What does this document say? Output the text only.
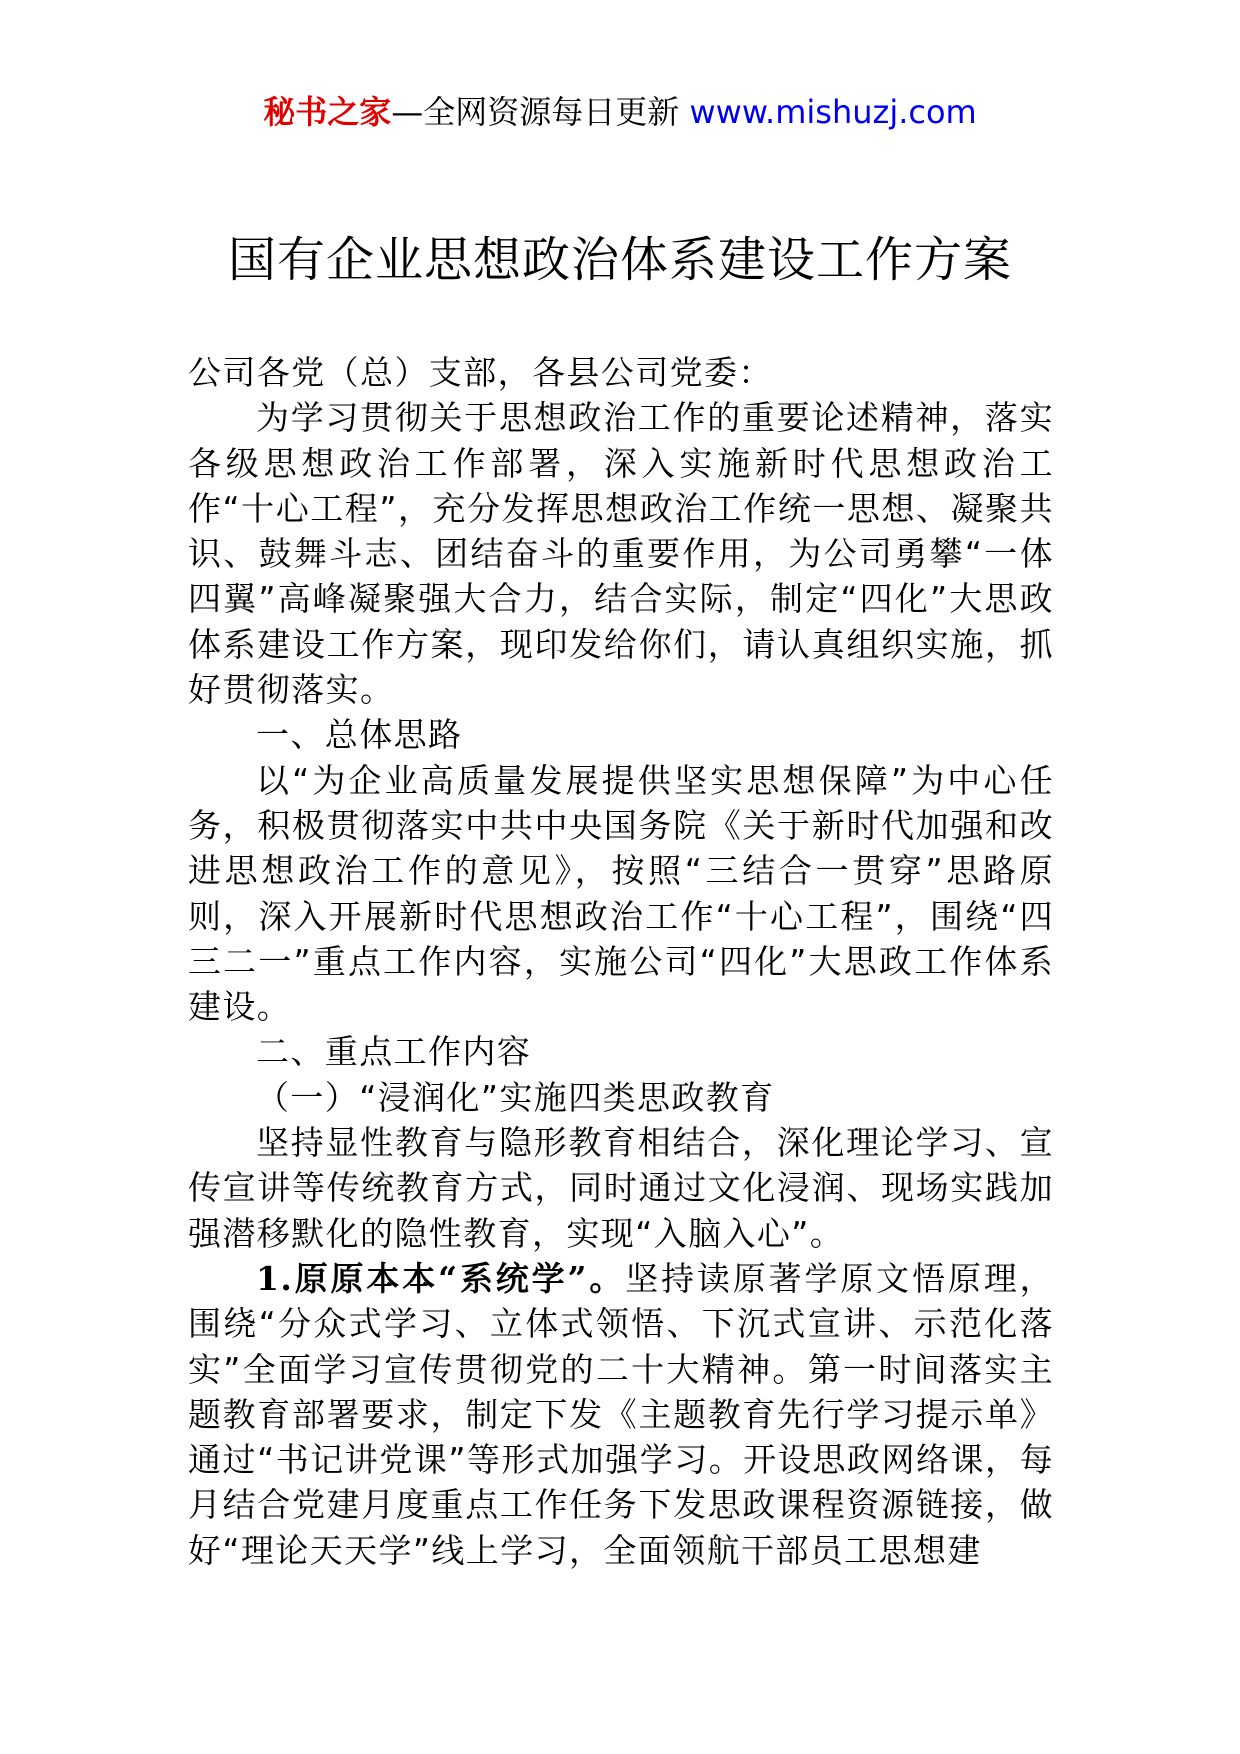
秘书之家—全网资源每日更新 www.mishuzj.com
国有企业思想政治体系建设工作方案

公司各党（总）支部，各县公司党委：

为学习贯彻关于思想政治工作的重要论述精神，落实各级思想政治工作部署，深入实施新时代思想政治工作“十心工程”，充分发挥思想政治工作统一思想、凝聚共识、鼓舞斗志、团结奋斗的重要作用，为公司勇攀“一体四翼”高峰凝聚强大合力，结合实际，制定“四化”大思政体系建设工作方案，现印发给你们，请认真组织实施，抓好贯彻落实。

一、总体思路

以“为企业高质量发展提供坚实思想保障”为中心任务，积极贯彻落实中共中央国务院《关于新时代加强和改进思想政治工作的意见》，按照“三结合一贯穿”思路原则，深入开展新时代思想政治工作“十心工程”，围绕“四三二一”重点工作内容，实施公司“四化”大思政工作体系建设。

二、重点工作内容

（一）“浸润化”实施四类思政教育

坚持显性教育与隐形教育相结合，深化理论学习、宣传宣讲等传统教育方式，同时通过文化浸润、现场实践加强潜移默化的隐性教育，实现“入脑入心”。

1.原原本本“系统学”。坚持读原著学原文悟原理，围绕“分众式学习、立体式领悟、下沉式宣讲、示范化落实”全面学习宣传贯彻党的二十大精神。第一时间落实主题教育部署要求，制定下发《主题教育先行学习提示单》通过“书记讲党课”等形式加强学习。开设思政网络课，每月结合党建月度重点工作任务下发思政课程资源链接，做好“理论天天学”线上学习，全面领航干部员工思想建
